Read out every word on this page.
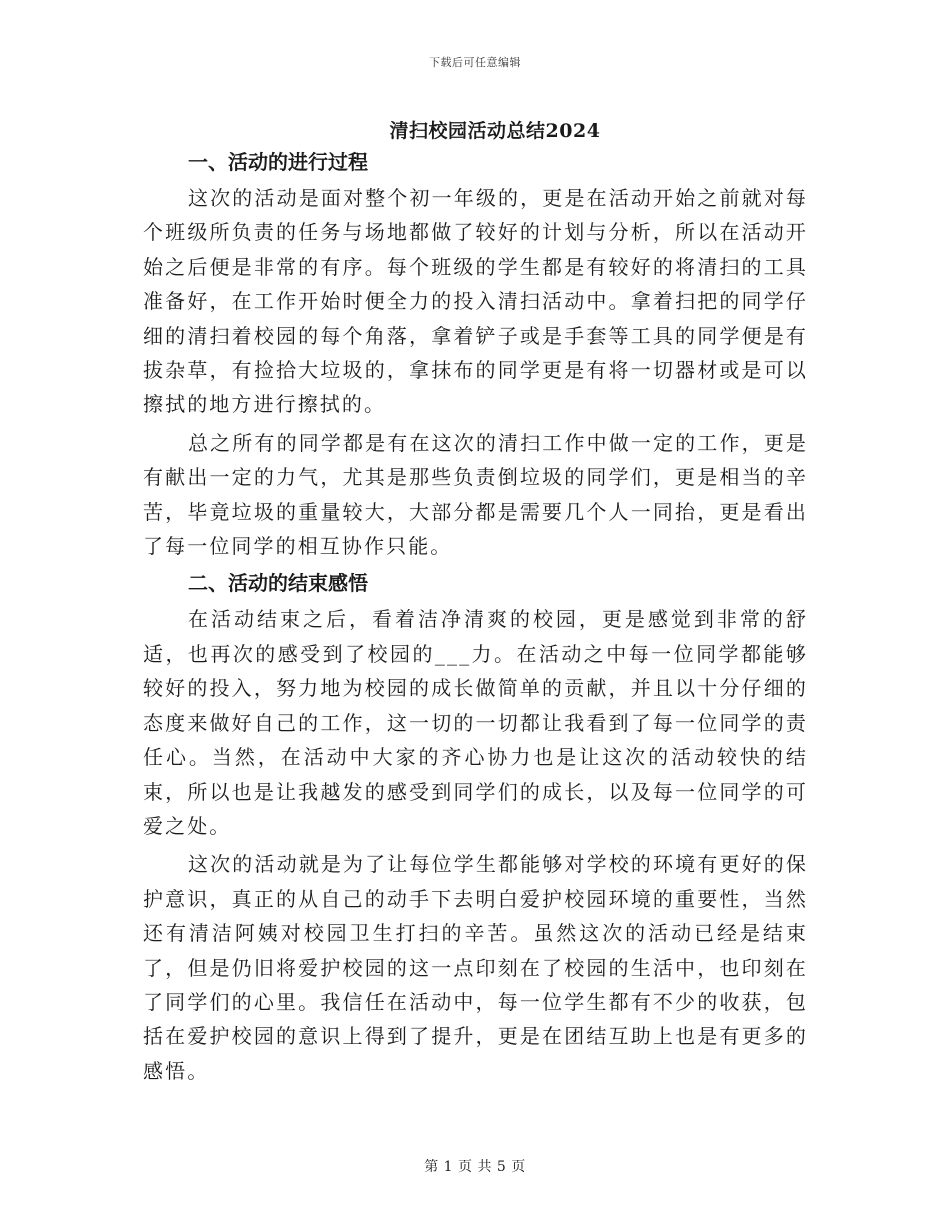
下载后可任意编辑
清扫校园活动总结2024
一、活动的进行过程

这次的活动是面对整个初一年级的，更是在活动开始之前就对每个班级所负责的任务与场地都做了较好的计划与分析，所以在活动开始之后便是非常的有序。每个班级的学生都是有较好的将清扫的工具准备好，在工作开始时便全力的投入清扫活动中。拿着扫把的同学仔细的清扫着校园的每个角落，拿着铲子或是手套等工具的同学便是有拔杂草，有捡拾大垃圾的，拿抹布的同学更是有将一切器材或是可以擦拭的地方进行擦拭的。

总之所有的同学都是有在这次的清扫工作中做一定的工作，更是有献出一定的力气，尤其是那些负责倒垃圾的同学们，更是相当的辛苦，毕竟垃圾的重量较大，大部分都是需要几个人一同抬，更是看出了每一位同学的相互协作只能。

二、活动的结束感悟

在活动结束之后，看着洁净清爽的校园，更是感觉到非常的舒适，也再次的感受到了校园的___力。在活动之中每一位同学都能够较好的投入，努力地为校园的成长做简单的贡献，并且以十分仔细的态度来做好自己的工作，这一切的一切都让我看到了每一位同学的责任心。当然，在活动中大家的齐心协力也是让这次的活动较快的结束，所以也是让我越发的感受到同学们的成长，以及每一位同学的可爱之处。

这次的活动就是为了让每位学生都能够对学校的环境有更好的保护意识，真正的从自己的动手下去明白爱护校园环境的重要性，当然还有清洁阿姨对校园卫生打扫的辛苦。虽然这次的活动已经是结束了，但是仍旧将爱护校园的这一点印刻在了校园的生活中，也印刻在了同学们的心里。我信任在活动中，每一位学生都有不少的收获，包括在爱护校园的意识上得到了提升，更是在团结互助上也是有更多的感悟。

第 1 页 共 5 页
